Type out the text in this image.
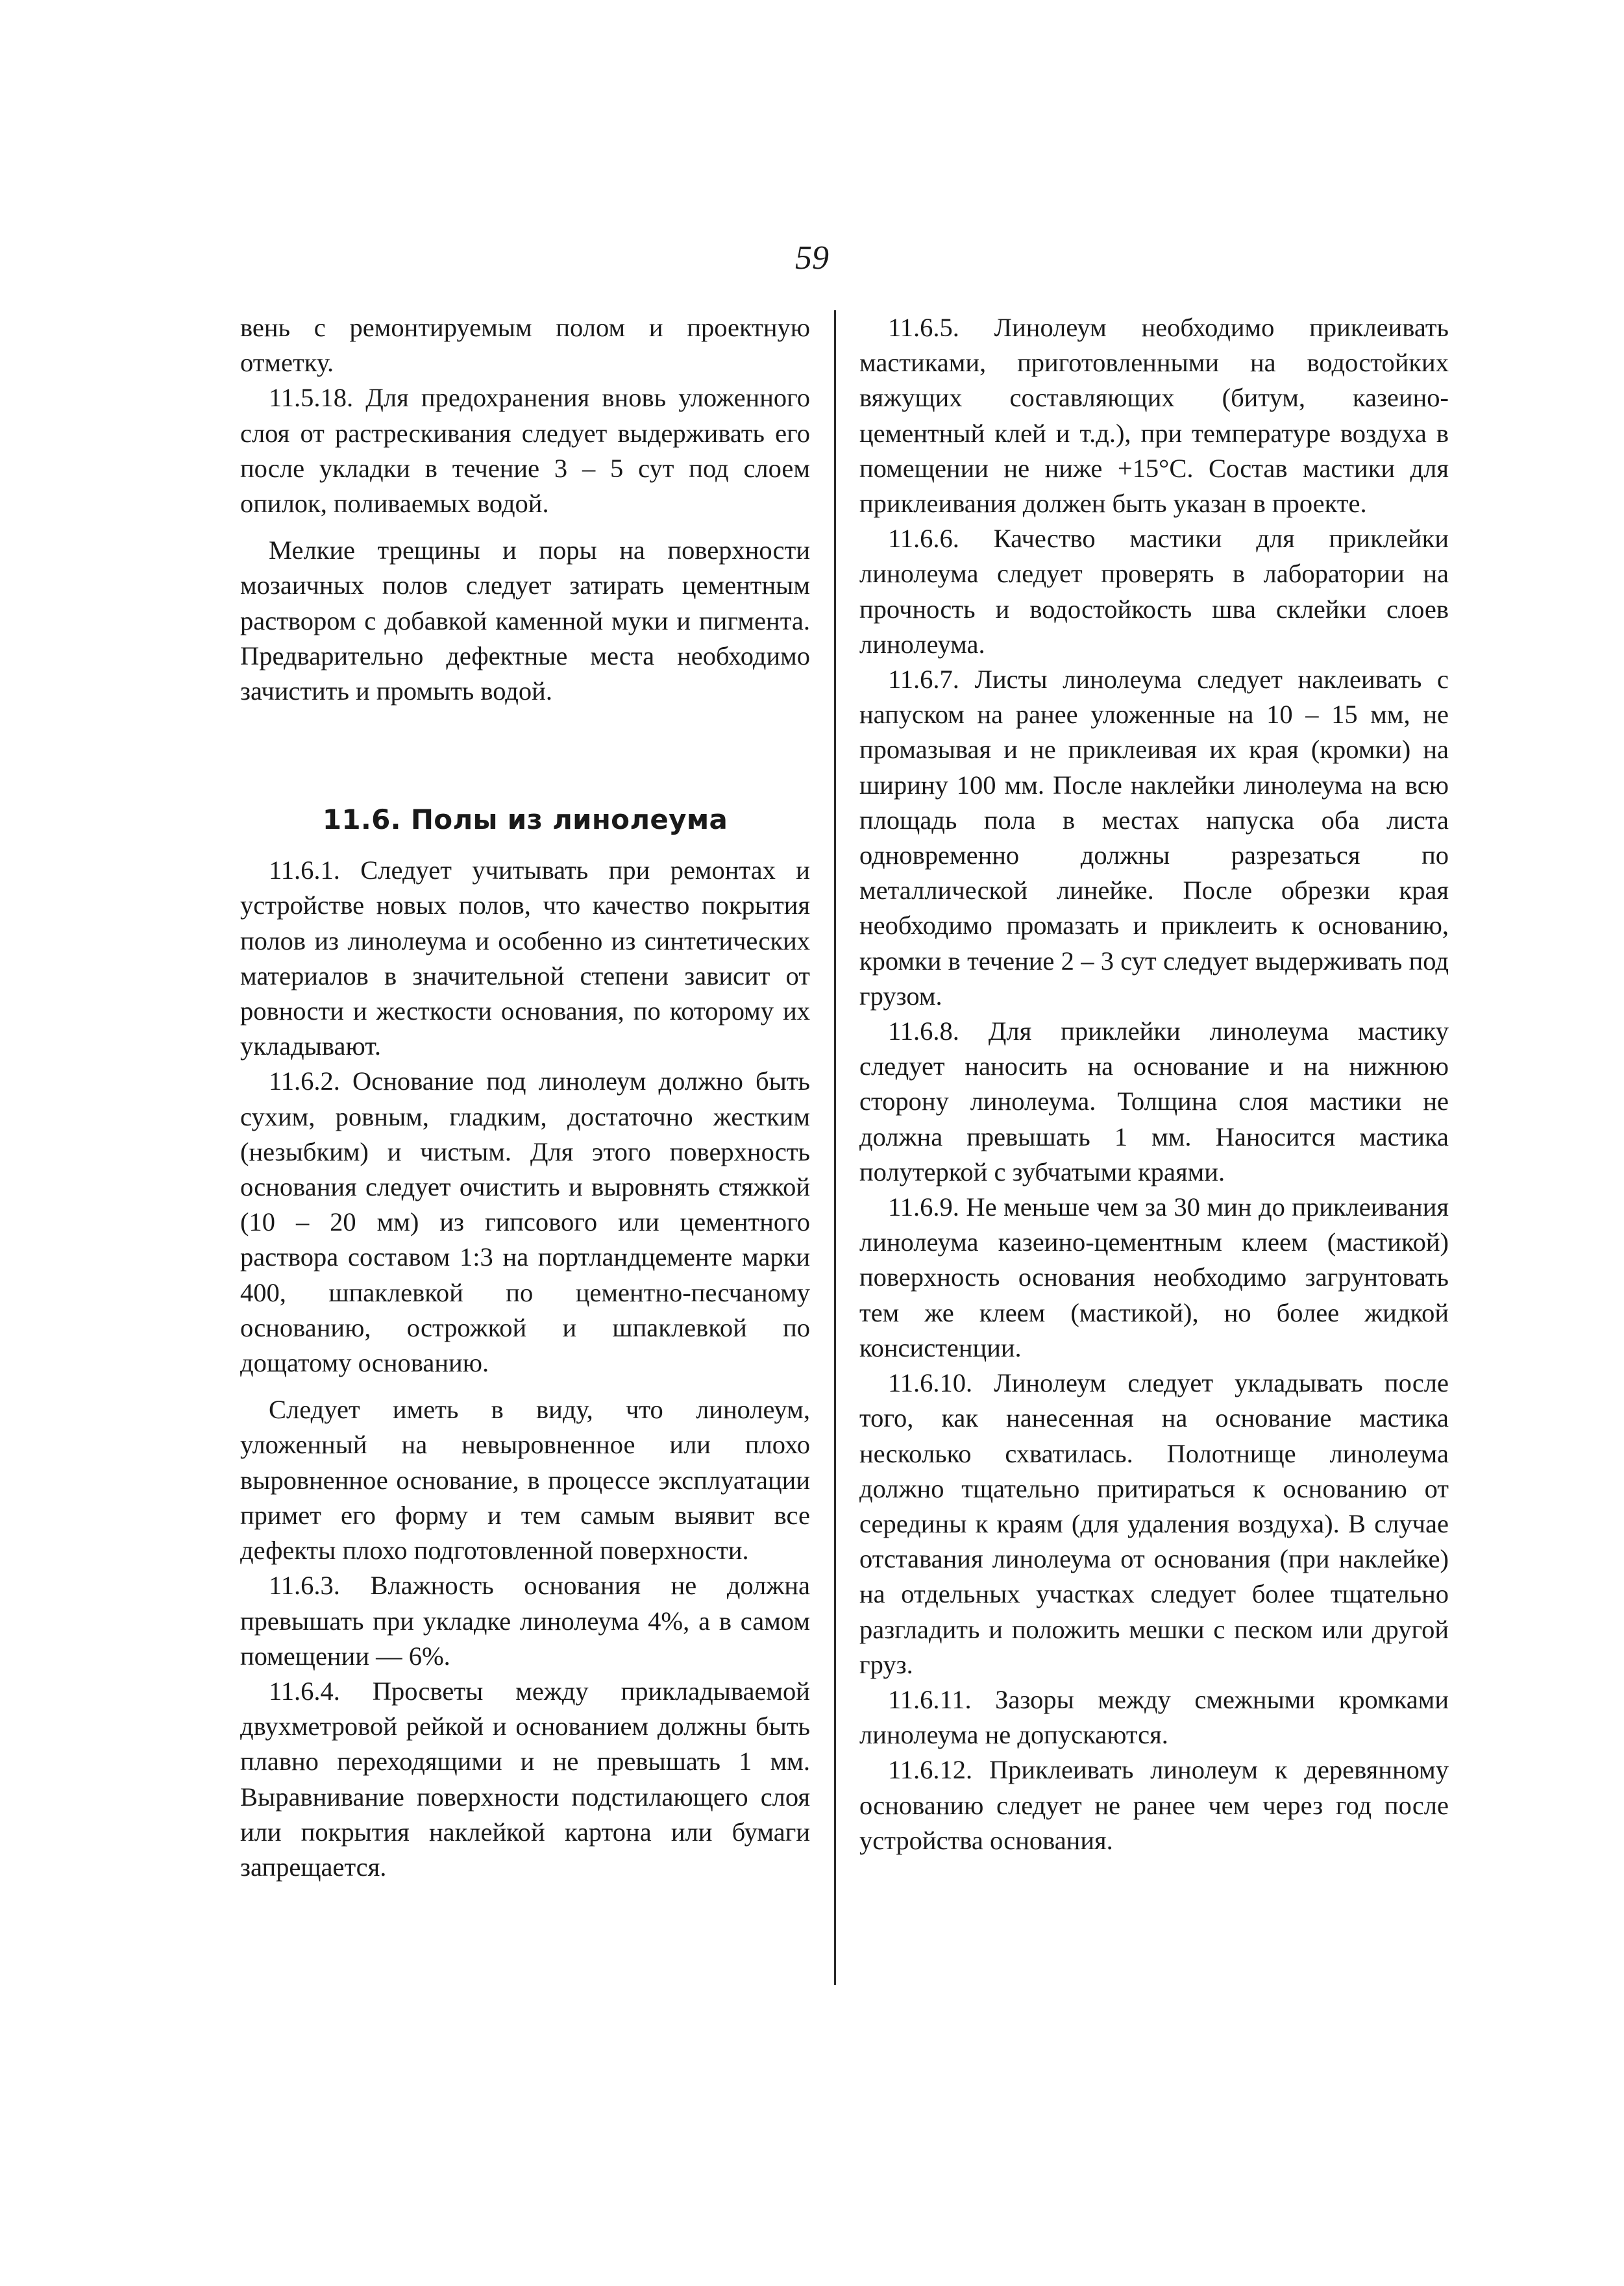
59

вень с ремонтируемым полом и проектную отметку.

11.5.18. Для предохранения вновь уложенного слоя от растрескивания следует выдерживать его после укладки в течение 3 – 5 сут под слоем опилок, поливаемых водой.

Мелкие трещины и поры на поверхности мозаичных полов следует затирать цементным раствором с добавкой каменной муки и пигмента. Предварительно дефектные места необходимо зачистить и промыть водой.

11.6. Полы из линолеума

11.6.1. Следует учитывать при ремонтах и устройстве новых полов, что качество покрытия полов из линолеума и особенно из синтетических материалов в значительной степени зависит от ровности и жесткости основания, по которому их укладывают.

11.6.2. Основание под линолеум должно быть сухим, ровным, гладким, достаточно жестким (незыбким) и чистым. Для этого поверхность основания следует очистить и выровнять стяжкой (10 – 20 мм) из гипсового или цементного раствора составом 1:3 на портландцементе марки 400, шпаклевкой по цементно-песчаному основанию, острожкой и шпаклевкой по дощатому основанию.

Следует иметь в виду, что линолеум, уложенный на невыровненное или плохо выровненное основание, в процессе эксплуатации примет его форму и тем самым выявит все дефекты плохо подготовленной поверхности.

11.6.3. Влажность основания не должна превышать при укладке линолеума 4%, а в самом помещении — 6%.

11.6.4. Просветы между прикладываемой двухметровой рейкой и основанием должны быть плавно переходящими и не превышать 1 мм. Выравнивание поверхности подстилающего слоя или покрытия наклейкой картона или бумаги запрещается.

11.6.5. Линолеум необходимо приклеивать мастиками, приготовленными на водостойких вяжущих составляющих (битум, казеино-цементный клей и т.д.), при температуре воздуха в помещении не ниже +15°С. Состав мастики для приклеивания должен быть указан в проекте.

11.6.6. Качество мастики для приклейки линолеума следует проверять в лаборатории на прочность и водостойкость шва склейки слоев линолеума.

11.6.7. Листы линолеума следует наклеивать с напуском на ранее уложенные на 10 – 15 мм, не промазывая и не приклеивая их края (кромки) на ширину 100 мм. После наклейки линолеума на всю площадь пола в местах напуска оба листа одновременно должны разрезаться по металлической линейке. После обрезки края необходимо промазать и приклеить к основанию, кромки в течение 2 – 3 сут следует выдерживать под грузом.

11.6.8. Для приклейки линолеума мастику следует наносить на основание и на нижнюю сторону линолеума. Толщина слоя мастики не должна превышать 1 мм. Наносится мастика полутеркой с зубчатыми краями.

11.6.9. Не меньше чем за 30 мин до приклеивания линолеума казеино-цементным клеем (мастикой) поверхность основания необходимо загрунтовать тем же клеем (мастикой), но более жидкой консистенции.

11.6.10. Линолеум следует укладывать после того, как нанесенная на основание мастика несколько схватилась. Полотнище линолеума должно тщательно притираться к основанию от середины к краям (для удаления воздуха). В случае отставания линолеума от основания (при наклейке) на отдельных участках следует более тщательно разгладить и положить мешки с песком или другой груз.

11.6.11. Зазоры между смежными кромками линолеума не допускаются.

11.6.12. Приклеивать линолеум к деревянному основанию следует не ранее чем через год после устройства основания.
